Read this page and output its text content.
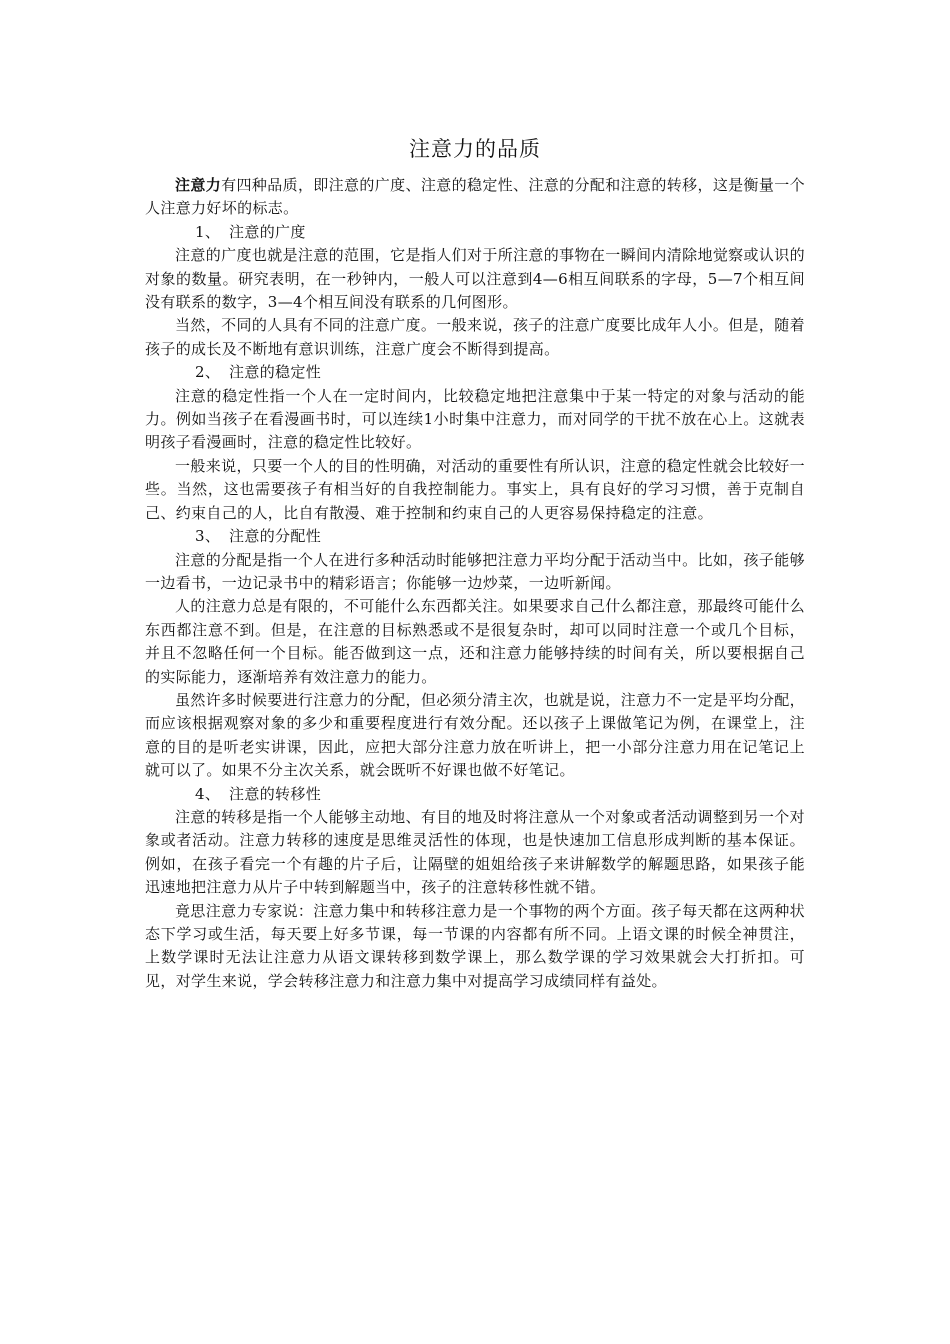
注意力的品质

注意力有四种品质，即注意的广度、注意的稳定性、注意的分配和注意的转移，这是衡量一个人注意力好坏的标志。

1、 注意的广度

注意的广度也就是注意的范围，它是指人们对于所注意的事物在一瞬间内清除地觉察或认识的对象的数量。研究表明，在一秒钟内，一般人可以注意到4—6相互间联系的字母，5—7个相互间没有联系的数字，3—4个相互间没有联系的几何图形。

当然，不同的人具有不同的注意广度。一般来说，孩子的注意广度要比成年人小。但是，随着孩子的成长及不断地有意识训练，注意广度会不断得到提高。

2、 注意的稳定性

注意的稳定性指一个人在一定时间内，比较稳定地把注意集中于某一特定的对象与活动的能力。例如当孩子在看漫画书时，可以连续1小时集中注意力，而对同学的干扰不放在心上。这就表明孩子看漫画时，注意的稳定性比较好。

一般来说，只要一个人的目的性明确，对活动的重要性有所认识，注意的稳定性就会比较好一些。当然，这也需要孩子有相当好的自我控制能力。事实上，具有良好的学习习惯，善于克制自己、约束自己的人，比自有散漫、难于控制和约束自己的人更容易保持稳定的注意。

3、 注意的分配性

注意的分配是指一个人在进行多种活动时能够把注意力平均分配于活动当中。比如，孩子能够一边看书，一边记录书中的精彩语言；你能够一边炒菜，一边听新闻。

人的注意力总是有限的，不可能什么东西都关注。如果要求自己什么都注意，那最终可能什么东西都注意不到。但是，在注意的目标熟悉或不是很复杂时，却可以同时注意一个或几个目标，并且不忽略任何一个目标。能否做到这一点，还和注意力能够持续的时间有关，所以要根据自己的实际能力，逐渐培养有效注意力的能力。

虽然许多时候要进行注意力的分配，但必须分清主次，也就是说，注意力不一定是平均分配，而应该根据观察对象的多少和重要程度进行有效分配。还以孩子上课做笔记为例，在课堂上，注意的目的是听老实讲课，因此，应把大部分注意力放在听讲上，把一小部分注意力用在记笔记上就可以了。如果不分主次关系，就会既听不好课也做不好笔记。

4、 注意的转移性

注意的转移是指一个人能够主动地、有目的地及时将注意从一个对象或者活动调整到另一个对象或者活动。注意力转移的速度是思维灵活性的体现，也是快速加工信息形成判断的基本保证。例如，在孩子看完一个有趣的片子后，让隔壁的姐姐给孩子来讲解数学的解题思路，如果孩子能迅速地把注意力从片子中转到解题当中，孩子的注意转移性就不错。

竟思注意力专家说：注意力集中和转移注意力是一个事物的两个方面。孩子每天都在这两种状态下学习或生活，每天要上好多节课，每一节课的内容都有所不同。上语文课的时候全神贯注，上数学课时无法让注意力从语文课转移到数学课上，那么数学课的学习效果就会大打折扣。可见，对学生来说，学会转移注意力和注意力集中对提高学习成绩同样有益处。
